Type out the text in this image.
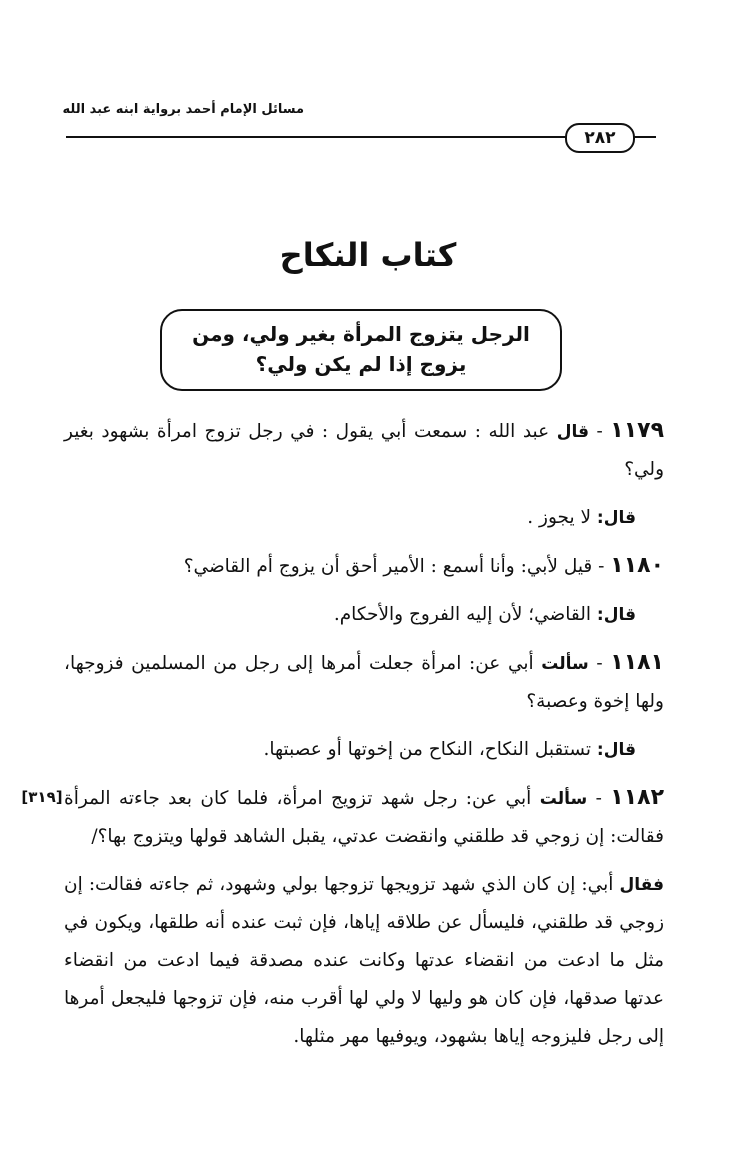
مسائل الإمام أحمد برواية ابنه عبد الله
٢٨٢
كتاب النكاح
الرجل يتزوج المرأة بغير ولي، ومن يزوج إذا لم يكن ولي؟

١١٧٩ - قال عبد الله : سمعت أبي يقول : في رجل تزوج امرأة بشهود بغير ولي؟

قال: لا يجوز .

١١٨٠ - قيل لأبي: وأنا أسمع : الأمير أحق أن يزوج أم القاضي؟

قال: القاضي؛ لأن إليه الفروج والأحكام.

١١٨١ - سألت أبي عن: امرأة جعلت أمرها إلى رجل من المسلمين فزوجها، ولها إخوة وعصبة؟

قال: تستقبل النكاح، النكاح من إخوتها أو عصبتها.

١١٨٢ - سألت أبي عن: رجل شهد تزويج امرأة، فلما كان بعد جاءته المرأة فقالت: إن زوجي قد طلقني وانقضت عدتي، يقبل الشاهد قولها ويتزوج بها؟/

فقال أبي: إن كان الذي شهد تزويجها تزوجها بولي وشهود، ثم جاءته فقالت: إن زوجي قد طلقني، فليسأل عن طلاقه إياها، فإن ثبت عنده أنه طلقها، ويكون في مثل ما ادعت من انقضاء عدتها وكانت عنده مصدقة فيما ادعت من انقضاء عدتها صدقها، فإن كان هو وليها لا ولي لها أقرب منه، فإن تزوجها فليجعل أمرها إلى رجل فليزوجه إياها بشهود، ويوفيها مهر مثلها.

[٣١٩]
